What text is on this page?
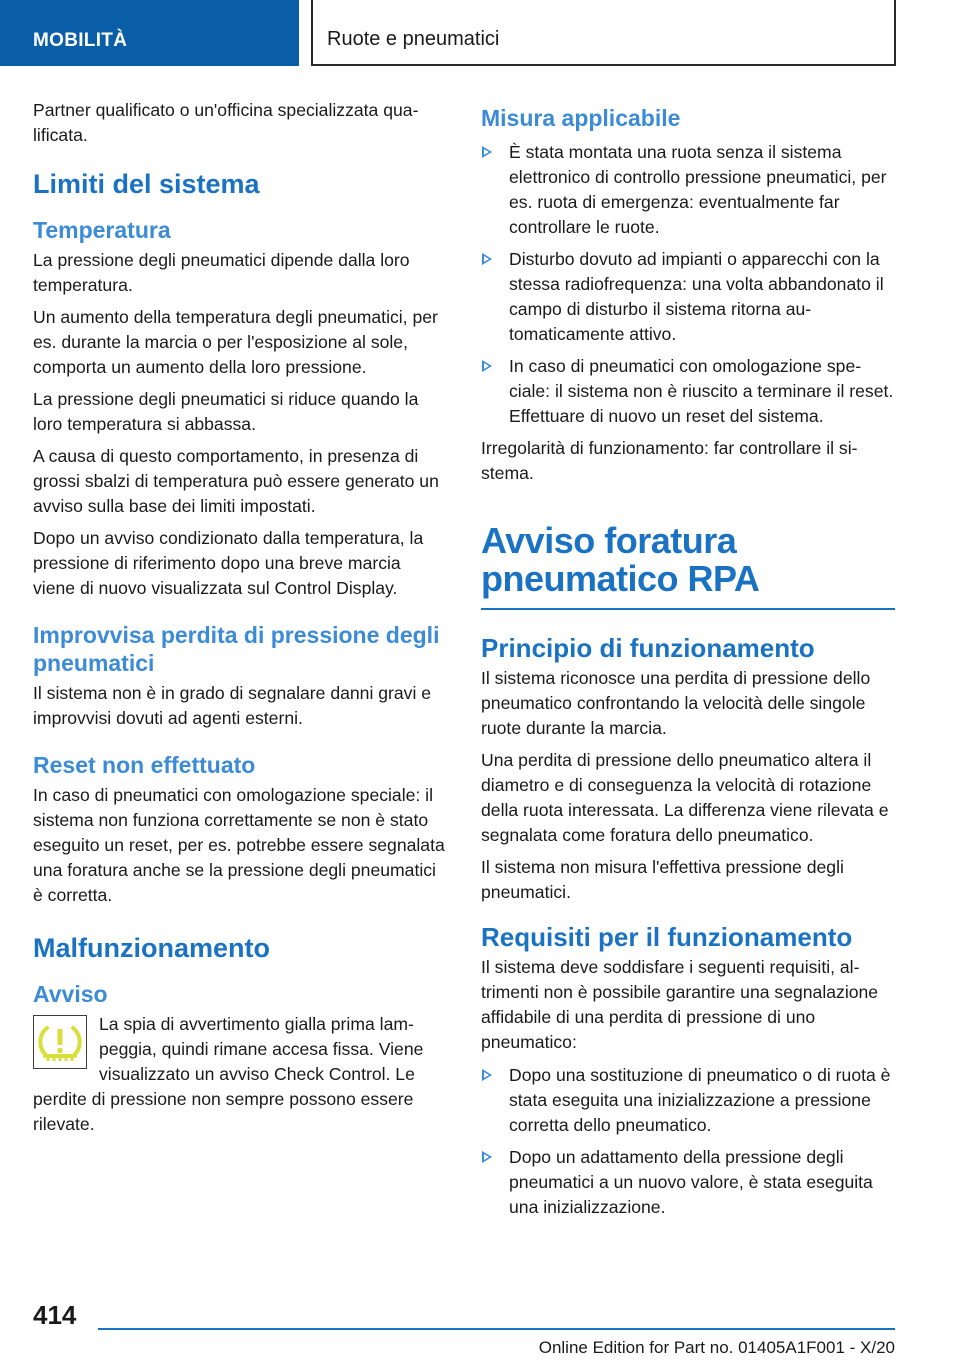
MOBILITÀ	Ruote e pneumatici

Partner qualificato o un'officina specializzata qualificata.

Limiti del sistema
Temperatura

La pressione degli pneumatici dipende dalla loro temperatura.

Un aumento della temperatura degli pneumatici, per es. durante la marcia o per l'esposizione al sole, comporta un aumento della loro pressione.

La pressione degli pneumatici si riduce quando la loro temperatura si abbassa.

A causa di questo comportamento, in presenza di grossi sbalzi di temperatura può essere generato un avviso sulla base dei limiti impostati.

Dopo un avviso condizionato dalla temperatura, la pressione di riferimento dopo una breve marcia viene di nuovo visualizzata sul Control Display.

Improvvisa perdita di pressione degli pneumatici

Il sistema non è in grado di segnalare danni gravi e improvvisi dovuti ad agenti esterni.

Reset non effettuato

In caso di pneumatici con omologazione speciale: il sistema non funziona correttamente se non è stato eseguito un reset, per es. potrebbe essere segnalata una foratura anche se la pressione degli pneumatici è corretta.

Malfunzionamento
Avviso
La spia di avvertimento gialla prima lampeggia, quindi rimane accesa fissa. Viene visualizzato un avviso Check Control. Le perdite di pressione non sempre possono essere rilevate.
Misura applicabile
È stata montata una ruota senza il sistema elettronico di controllo pressione pneumatici, per es. ruota di emergenza: eventualmente far controllare le ruote.
Disturbo dovuto ad impianti o apparecchi con la stessa radiofrequenza: una volta abbandonato il campo di disturbo il sistema ritorna automaticamente attivo.
In caso di pneumatici con omologazione speciale: il sistema non è riuscito a terminare il reset. Effettuare di nuovo un reset del sistema.

Irregolarità di funzionamento: far controllare il sistema.

Avviso foratura pneumatico RPA
Principio di funzionamento

Il sistema riconosce una perdita di pressione dello pneumatico confrontando la velocità delle singole ruote durante la marcia.

Una perdita di pressione dello pneumatico altera il diametro e di conseguenza la velocità di rotazione della ruota interessata. La differenza viene rilevata e segnalata come foratura dello pneumatico.

Il sistema non misura l'effettiva pressione degli pneumatici.

Requisiti per il funzionamento

Il sistema deve soddisfare i seguenti requisiti, altrimenti non è possibile garantire una segnalazione affidabile di una perdita di pressione di uno pneumatico:

Dopo una sostituzione di pneumatico o di ruota è stata eseguita una inizializzazione a pressione corretta dello pneumatico.
Dopo un adattamento della pressione degli pneumatici a un nuovo valore, è stata eseguita una inizializzazione.
414
Online Edition for Part no. 01405A1F001 - X/20
